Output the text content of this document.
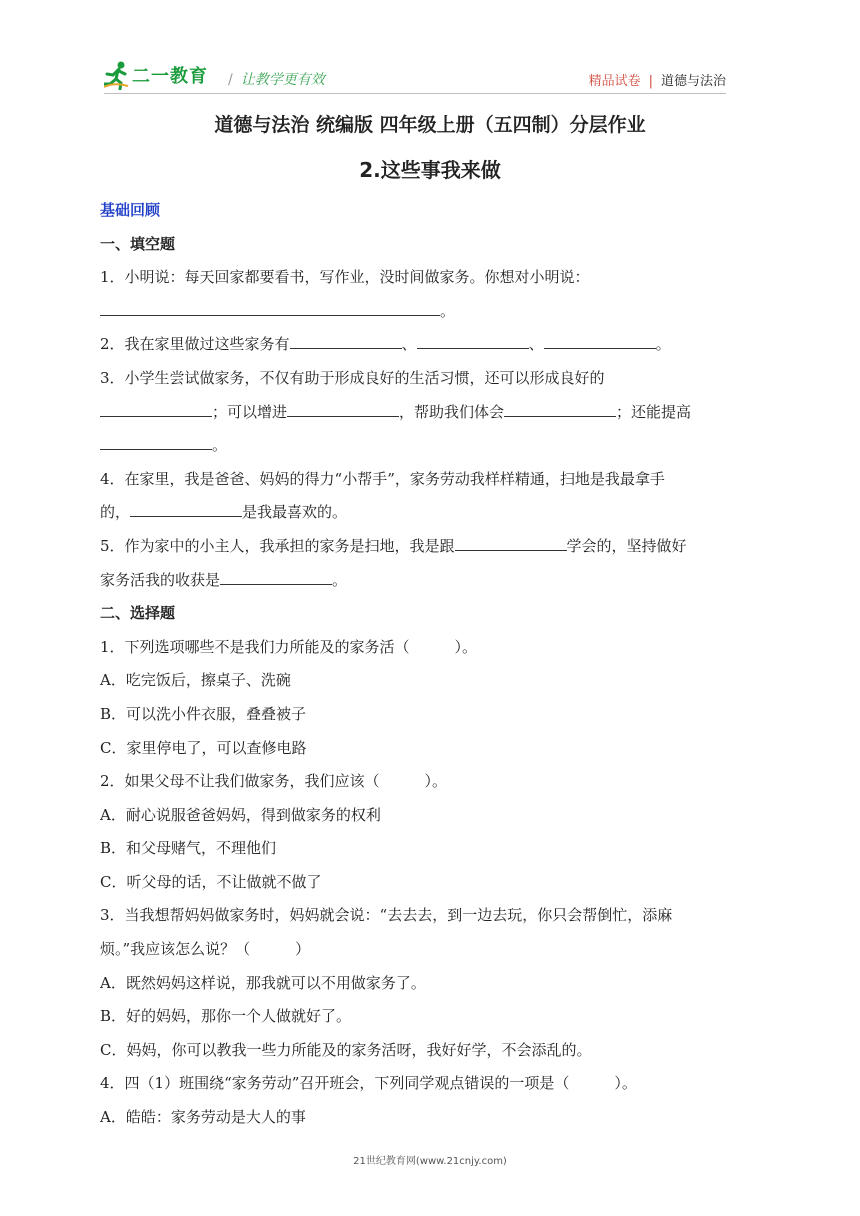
二一教育 / 让教学更有效	精品试卷 | 道德与法治
道德与法治 统编版 四年级上册（五四制）分层作业
2.这些事我来做
基础回顾
一、填空题
1．小明说：每天回家都要看书，写作业，没时间做家务。你想对小明说：
。
2．我在家里做过这些家务有	、	、	。
3．小学生尝试做家务，不仅有助于形成良好的生活习惯，还可以形成良好的
；可以增进	，帮助我们体会	；还能提高
。
4．在家里，我是爸爸、妈妈的得力“小帮手”，家务劳动我样样精通，扫地是我最拿手
的，	是我最喜欢的。
5．作为家中的小主人，我承担的家务是扫地，我是跟	学会的，坚持做好
家务活我的收获是	。
二、选择题
1．下列选项哪些不是我们力所能及的家务活（　　　）。
A．吃完饭后，擦桌子、洗碗
B．可以洗小件衣服，叠叠被子
C．家里停电了，可以查修电路
2．如果父母不让我们做家务，我们应该（　　　）。
A．耐心说服爸爸妈妈，得到做家务的权利
B．和父母赌气，不理他们
C．听父母的话，不让做就不做了
3．当我想帮妈妈做家务时，妈妈就会说：“去去去，到一边去玩，你只会帮倒忙，添麻
烦。”我应该怎么说？（　　　）
A．既然妈妈这样说，那我就可以不用做家务了。
B．好的妈妈，那你一个人做就好了。
C．妈妈，你可以教我一些力所能及的家务活呀，我好好学，不会添乱的。
4．四（1）班围绕“家务劳动”召开班会，下列同学观点错误的一项是（　　　）。
A．皓皓：家务劳动是大人的事
21世纪教育网(www.21cnjy.com)
